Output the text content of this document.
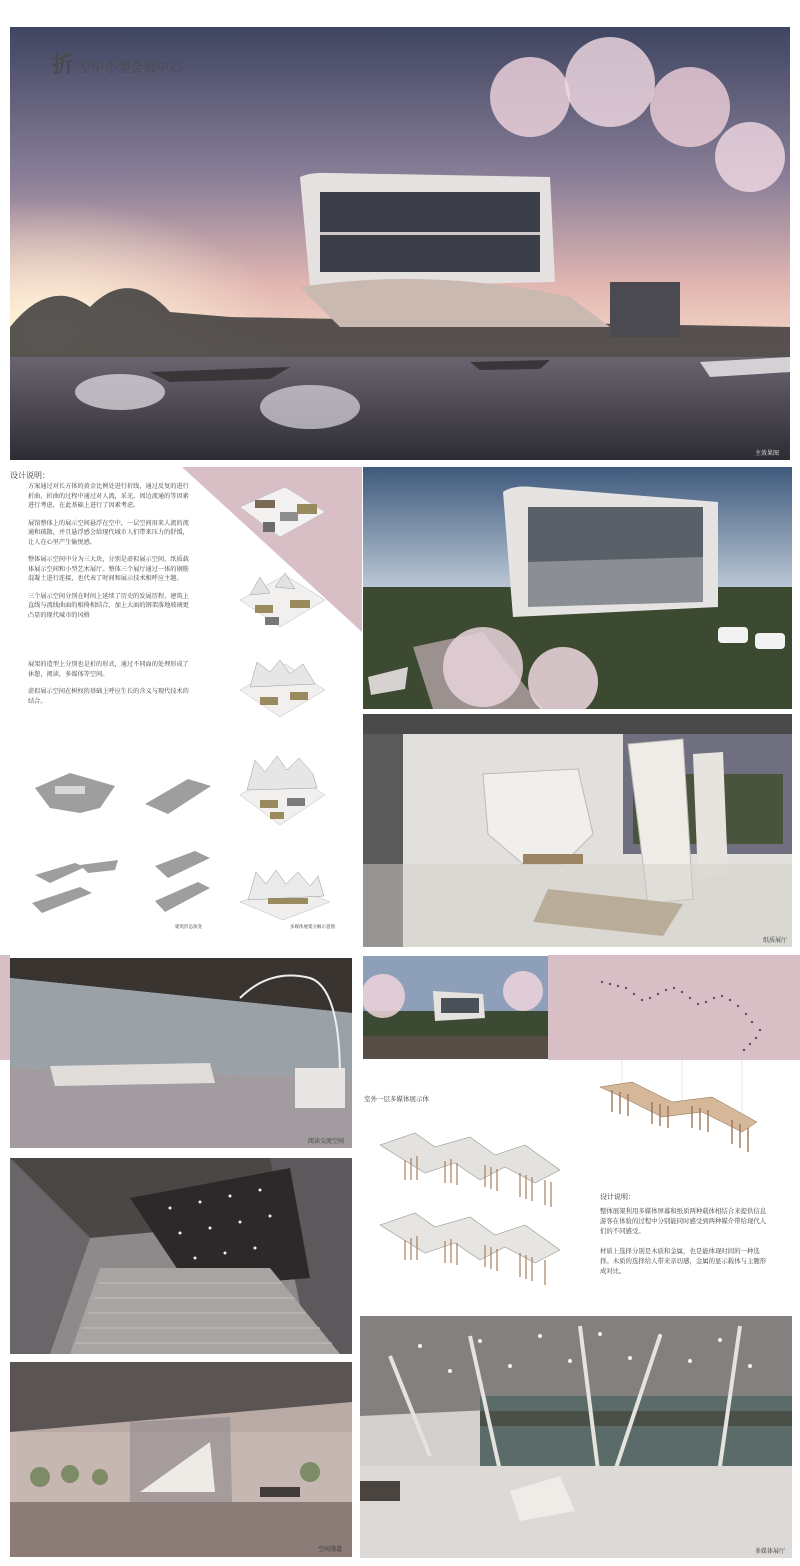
折·空中小型会展中心
主效果图
设计说明：

方案通过对长方体的黄金比例处进行折线，通过反复的进行折曲，折曲的过程中通过对人流，采光，周边流通的等因素进行考虑，在此基础上进行了因素考虑。

展馆整体上的展示空间悬浮在空中，一层空间用来人流的流通和疏散，并且悬浮感会给现代城市人们带来压力的舒缓，让人在心里产生愉悦感。

整体展示空间中分为三大块，分别是虚拟展示空间，纸质载体展示空间和小型艺术展厅。整体三个展厅通过一体的钢筋混凝土进行连接，也代表了时间和展示技术相呼应主题。

三个展示空间分别在时间上延续了历史的发展历程，建筑上直线与流线曲面的相倚相结合，加上大面的钢架落地玻璃更凸显的现代城市的风格

展架的造型上分别也是折的形式，通过不同面的处理形成了休憩，阅读，多媒体等空间。

虚拟展示空间在树杈的基础上呼应生长的含义与现代技术的结合。

建筑形态演变	多媒体展架分解示意图
纸质展厅
阅读交流空间
室外一层多媒体展示体
设计说明：

整体展架利用多媒体屏幕和纸质两种载体相结合来提供信息游客在体验的过程中分别能同时感受到两种媒介带给现代人们的不同感受。

材质上选择分别是木质和金属，也是能体现时间的一种选择。木质的选择给人带来亲切感，金属的显示载体与主题形成对比。

空间漫道	多媒体展厅
